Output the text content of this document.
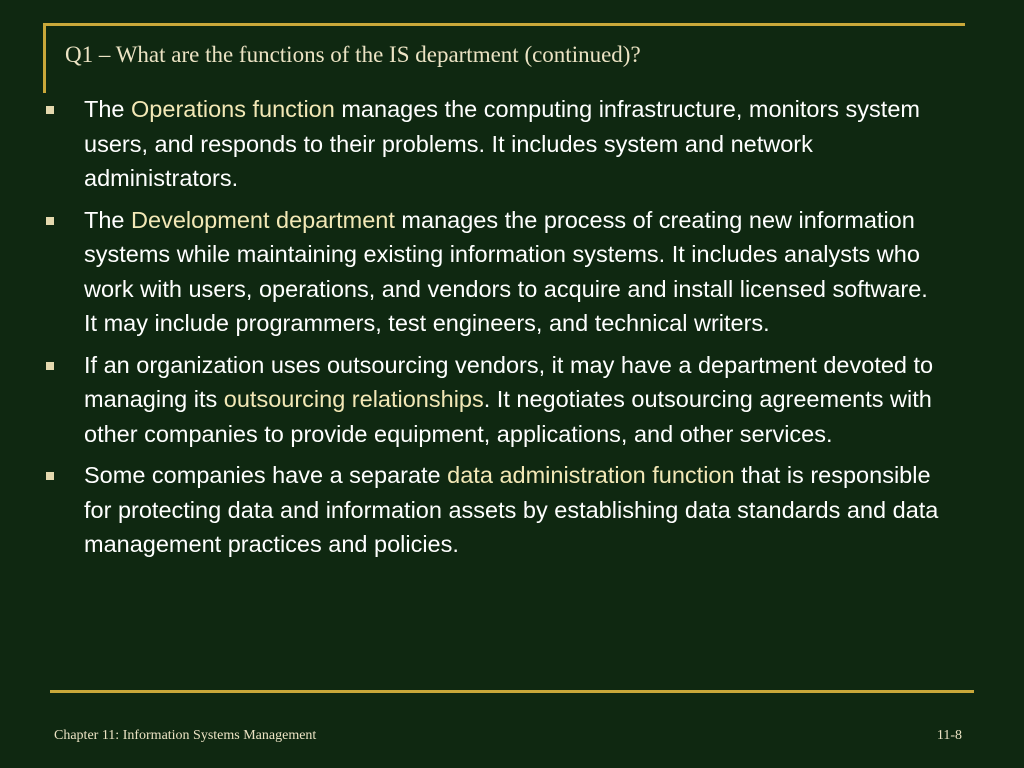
Q1 – What are the functions of the IS department (continued)?
The Operations function manages the computing infrastructure, monitors system users, and responds to their problems. It includes system and network administrators.
The Development department manages the process of creating new information systems while maintaining existing information systems. It includes analysts who work with users, operations, and vendors to acquire and install licensed software. It may include programmers, test engineers, and technical writers.
If an organization uses outsourcing vendors, it may have a department devoted to managing its outsourcing relationships. It negotiates outsourcing agreements with other companies to provide equipment, applications, and other services.
Some companies have a separate data administration function that is responsible for protecting data and information assets by establishing data standards and data management practices and policies.
Chapter 11: Information Systems Management	11-8
